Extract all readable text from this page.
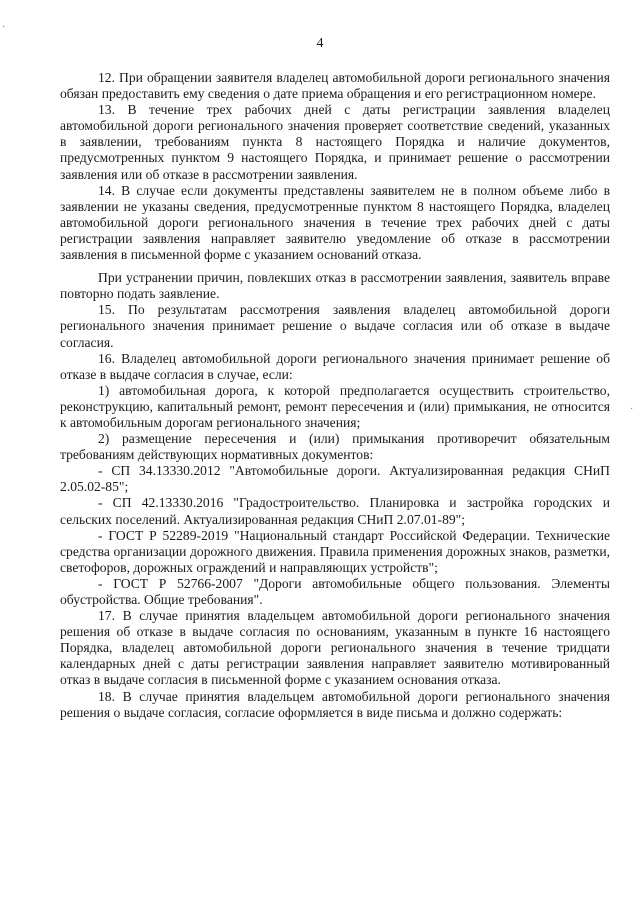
4

12. При обращении заявителя владелец автомобильной дороги регионального значения обязан предоставить ему сведения о дате приема обращения и его регистрационном номере.

13. В течение трех рабочих дней с даты регистрации заявления владелец автомобильной дороги регионального значения проверяет соответствие сведений, указанных в заявлении, требованиям пункта 8 настоящего Порядка и наличие документов, предусмотренных пунктом 9 настоящего Порядка, и принимает решение о рассмотрении заявления или об отказе в рассмотрении заявления.

14. В случае если документы представлены заявителем не в полном объеме либо в заявлении не указаны сведения, предусмотренные пунктом 8 настоящего Порядка, владелец автомобильной дороги регионального значения в течение трех рабочих дней с даты регистрации заявления направляет заявителю уведомление об отказе в рассмотрении заявления в письменной форме с указанием оснований отказа.

При устранении причин, повлекших отказ в рассмотрении заявления, заявитель вправе повторно подать заявление.

15. По результатам рассмотрения заявления владелец автомобильной дороги регионального значения принимает решение о выдаче согласия или об отказе в выдаче согласия.

16. Владелец автомобильной дороги регионального значения принимает решение об отказе в выдаче согласия в случае, если:

1) автомобильная дорога, к которой предполагается осуществить строительство, реконструкцию, капитальный ремонт, ремонт пересечения и (или) примыкания, не относится к автомобильным дорогам регионального значения;

2) размещение пересечения и (или) примыкания противоречит обязательным требованиям действующих нормативных документов:

- СП 34.13330.2012 "Автомобильные дороги. Актуализированная редакция СНиП 2.05.02-85";

- СП 42.13330.2016 "Градостроительство. Планировка и застройка городских и сельских поселений. Актуализированная редакция СНиП 2.07.01-89";

- ГОСТ Р 52289-2019 "Национальный стандарт Российской Федерации. Технические средства организации дорожного движения. Правила применения дорожных знаков, разметки, светофоров, дорожных ограждений и направляющих устройств";

- ГОСТ Р 52766-2007 "Дороги автомобильные общего пользования. Элементы обустройства. Общие требования".

17. В случае принятия владельцем автомобильной дороги регионального значения решения об отказе в выдаче согласия по основаниям, указанным в пункте 16 настоящего Порядка, владелец автомобильной дороги регионального значения в течение тридцати календарных дней с даты регистрации заявления направляет заявителю мотивированный отказ в выдаче согласия в письменной форме с указанием основания отказа.

18. В случае принятия владельцем автомобильной дороги регионального значения решения о выдаче согласия, согласие оформляется в виде письма и должно содержать:

·
·
